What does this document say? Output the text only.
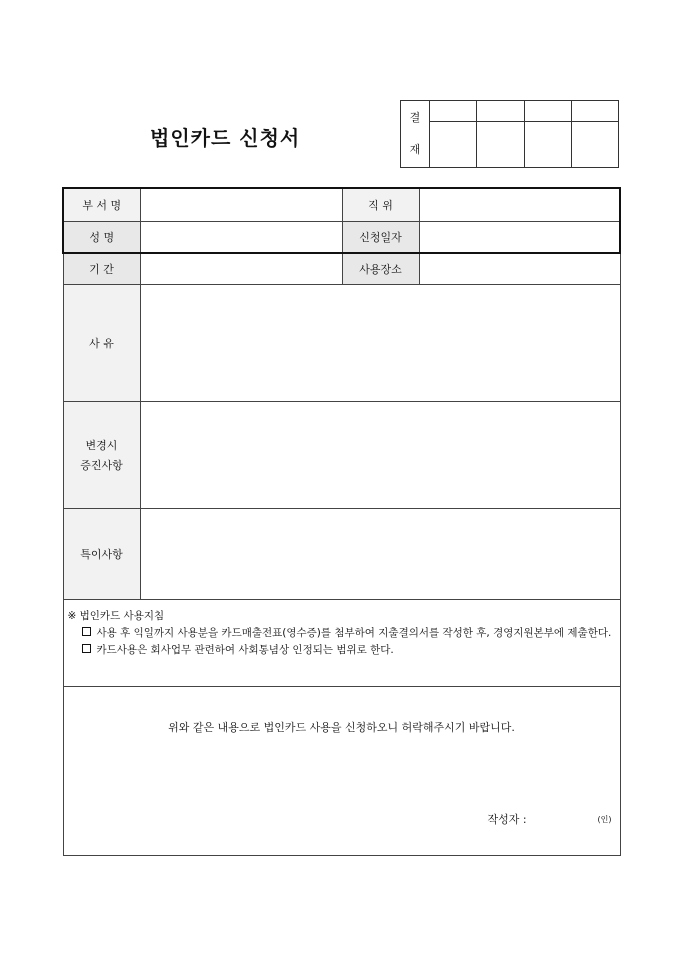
법인카드 신청서
결
재				

부 서 명		직 위	
성 명		신청일자	
기 간		사용장소	
사 유			

변경시
증진사항			

특이사항			

※ 법인카드 사용지침
사용 후 익일까지 사용분을 카드매출전표(영수증)를 첨부하여 지출결의서를 작성한 후, 경영지원본부에 제출한다.
카드사용은 회사업무 관련하여 사회통념상 인정되는 범위로 한다.			

위와 같은 내용으로 법인카드 사용을 신청하오니 허락해주시기 바랍니다.
작성자 : (인)			
